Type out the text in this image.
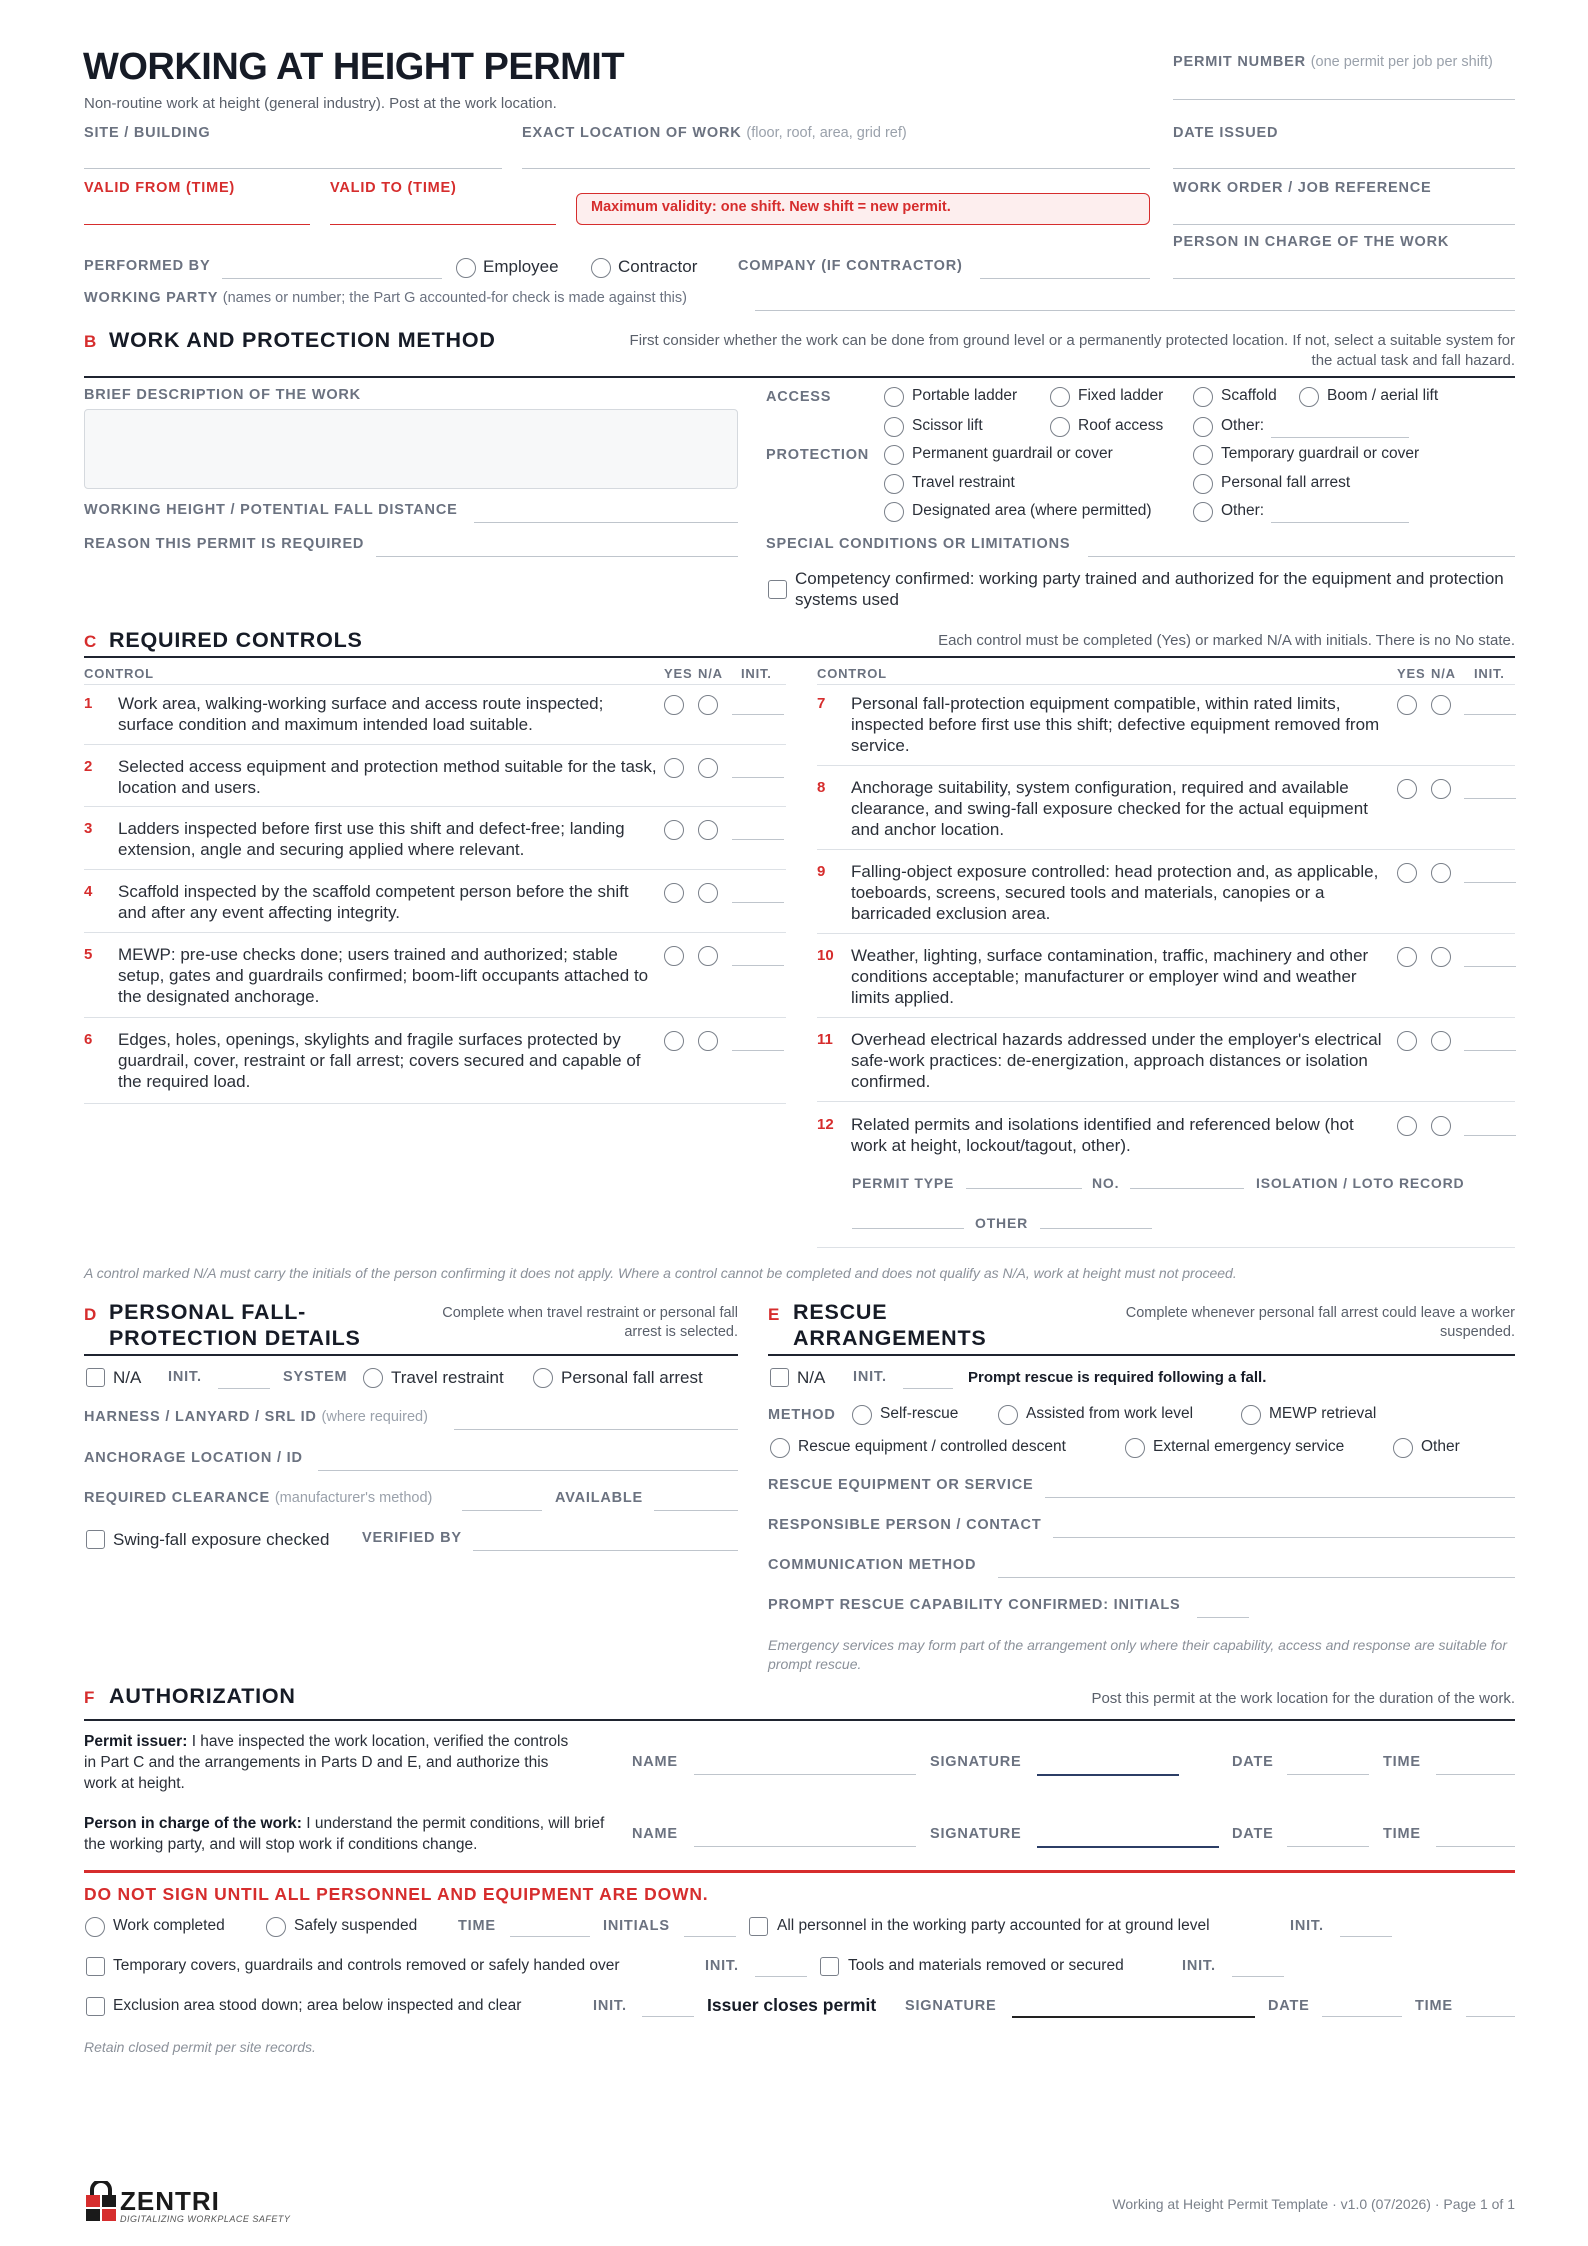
WORKING AT HEIGHT PERMIT
Non-routine work at height (general industry). Post at the work location.
PERMIT NUMBER (one permit per job per shift)
SITE / BUILDING	EXACT LOCATION OF WORK (floor, roof, area, grid ref)	DATE ISSUED
VALID FROM (TIME)	VALID TO (TIME)
Maximum validity: one shift. New shift = new permit.
WORK ORDER / JOB REFERENCE
PERSON IN CHARGE OF THE WORK
PERFORMED BY	Employee	Contractor	COMPANY (IF CONTRACTOR)
WORKING PARTY (names or number; the Part G accounted-for check is made against this)
B WORK AND PROTECTION METHOD	First consider whether the work can be done from ground level or a permanently protected location. If not, select a suitable system for the actual task and fall hazard.
BRIEF DESCRIPTION OF THE WORK
WORKING HEIGHT / POTENTIAL FALL DISTANCE
REASON THIS PERMIT IS REQUIRED
ACCESS	Portable ladder	Fixed ladder	Scaffold	Boom / aerial lift
Scissor lift	Roof access	Other:
PROTECTION	Permanent guardrail or cover	Temporary guardrail or cover
Travel restraint	Personal fall arrest
Designated area (where permitted)	Other:
SPECIAL CONDITIONS OR LIMITATIONS
Competency confirmed: working party trained and authorized for the equipment and protection systems used
C REQUIRED CONTROLS	Each control must be completed (Yes) or marked N/A with initials. There is no No state.
CONTROL	YES N/A INIT.	CONTROL	YES N/A INIT.
1 Work area, walking-working surface and access route inspected; surface condition and maximum intended load suitable.
2 Selected access equipment and protection method suitable for the task, location and users.
3 Ladders inspected before first use this shift and defect-free; landing extension, angle and securing applied where relevant.
4 Scaffold inspected by the scaffold competent person before the shift and after any event affecting integrity.
5 MEWP: pre-use checks done; users trained and authorized; stable setup, gates and guardrails confirmed; boom-lift occupants attached to the designated anchorage.
6 Edges, holes, openings, skylights and fragile surfaces protected by guardrail, cover, restraint or fall arrest; covers secured and capable of the required load.
7 Personal fall-protection equipment compatible, within rated limits, inspected before first use this shift; defective equipment removed from service.
8 Anchorage suitability, system configuration, required and available clearance, and swing-fall exposure checked for the actual equipment and anchor location.
9 Falling-object exposure controlled: head protection and, as applicable, toeboards, screens, secured tools and materials, canopies or a barricaded exclusion area.
10 Weather, lighting, surface contamination, traffic, machinery and other conditions acceptable; manufacturer or employer wind and weather limits applied.
11 Overhead electrical hazards addressed under the employer's electrical safe-work practices: de-energization, approach distances or isolation confirmed.
12 Related permits and isolations identified and referenced below (hot work at height, lockout/tagout, other).
PERMIT TYPE	NO.	ISOLATION / LOTO RECORD
OTHER
A control marked N/A must carry the initials of the person confirming it does not apply. Where a control cannot be completed and does not qualify as N/A, work at height must not proceed.
D PERSONAL FALL-
PROTECTION DETAILS
Complete when travel restraint or personal fall arrest is selected.
N/A INIT.	SYSTEM	Travel restraint	Personal fall arrest
HARNESS / LANYARD / SRL ID (where required)
ANCHORAGE LOCATION / ID
REQUIRED CLEARANCE (manufacturer's method)	AVAILABLE
Swing-fall exposure checked VERIFIED BY
E RESCUE
ARRANGEMENTS
Complete whenever personal fall arrest could leave a worker suspended.
N/A INIT.	Prompt rescue is required following a fall.
METHOD	Self-rescue	Assisted from work level	MEWP retrieval
Rescue equipment / controlled descent	External emergency service	Other
RESCUE EQUIPMENT OR SERVICE
RESPONSIBLE PERSON / CONTACT
COMMUNICATION METHOD
PROMPT RESCUE CAPABILITY CONFIRMED: INITIALS
Emergency services may form part of the arrangement only where their capability, access and response are suitable for prompt rescue.
F AUTHORIZATION	Post this permit at the work location for the duration of the work.
Permit issuer: I have inspected the work location, verified the controls in Part C and the arrangements in Parts D and E, and authorize this work at height.
NAME	SIGNATURE	DATE	TIME
Person in charge of the work: I understand the permit conditions, will brief the working party, and will stop work if conditions change.
NAME	SIGNATURE	DATE	TIME
DO NOT SIGN UNTIL ALL PERSONNEL AND EQUIPMENT ARE DOWN.
Work completed	Safely suspended	TIME	INITIALS	All personnel in the working party accounted for at ground level	INIT.
Temporary covers, guardrails and controls removed or safely handed over	INIT.	Tools and materials removed or secured	INIT.
Exclusion area stood down; area below inspected and clear	INIT.	Issuer closes permit SIGNATURE	DATE	TIME
Retain closed permit per site records.
ZENTRI
DIGITALIZING WORKPLACE SAFETY
Working at Height Permit Template · v1.0 (07/2026) · Page 1 of 1
